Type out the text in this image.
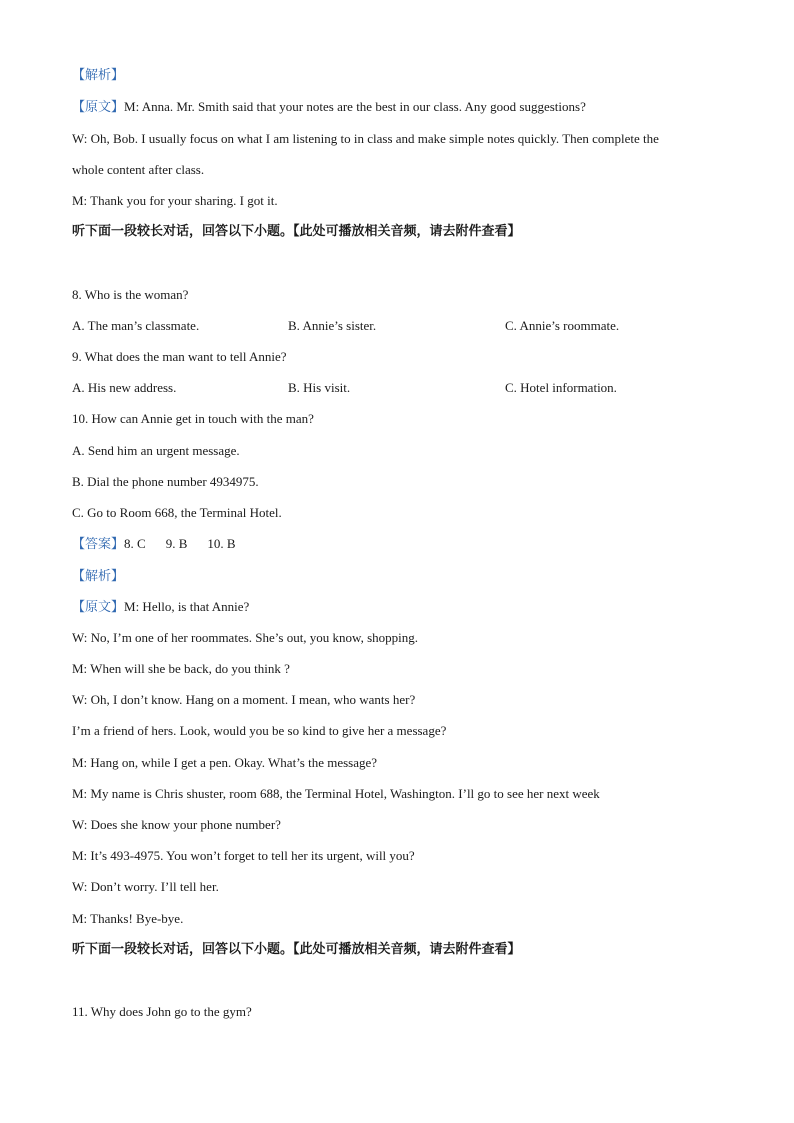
【解析】
【原文】M: Anna. Mr. Smith said that your notes are the best in our class. Any good suggestions?
W: Oh, Bob. I usually focus on what I am listening to in class and make simple notes quickly. Then complete the
whole content after class.
M: Thank you for your sharing. I got it.
听下面一段较长对话，回答以下小题。【此处可播放相关音频，请去附件查看】
8. Who is the woman?
A. The man’s classmate.	B. Annie’s sister.	C. Annie’s roommate.
9. What does the man want to tell Annie?
A. His new address.	B. His visit.	C. Hotel information.
10. How can Annie get in touch with the man?
A. Send him an urgent message.
B. Dial the phone number 4934975.
C. Go to Room 668, the Terminal Hotel.
【答案】8. C 9. B 10. B
【解析】
【原文】M: Hello, is that Annie?
W: No, I’m one of her roommates. She’s out, you know, shopping.
M: When will she be back, do you think ?
W: Oh, I don’t know. Hang on a moment. I mean, who wants her?
I’m a friend of hers. Look, would you be so kind to give her a message?
M: Hang on, while I get a pen. Okay. What’s the message?
M: My name is Chris shuster, room 688, the Terminal Hotel, Washington. I’ll go to see her next week
W: Does she know your phone number?
M: It’s 493-4975. You won’t forget to tell her its urgent, will you?
W: Don’t worry. I’ll tell her.
M: Thanks! Bye-bye.
听下面一段较长对话，回答以下小题。【此处可播放相关音频，请去附件查看】
11. Why does John go to the gym?
